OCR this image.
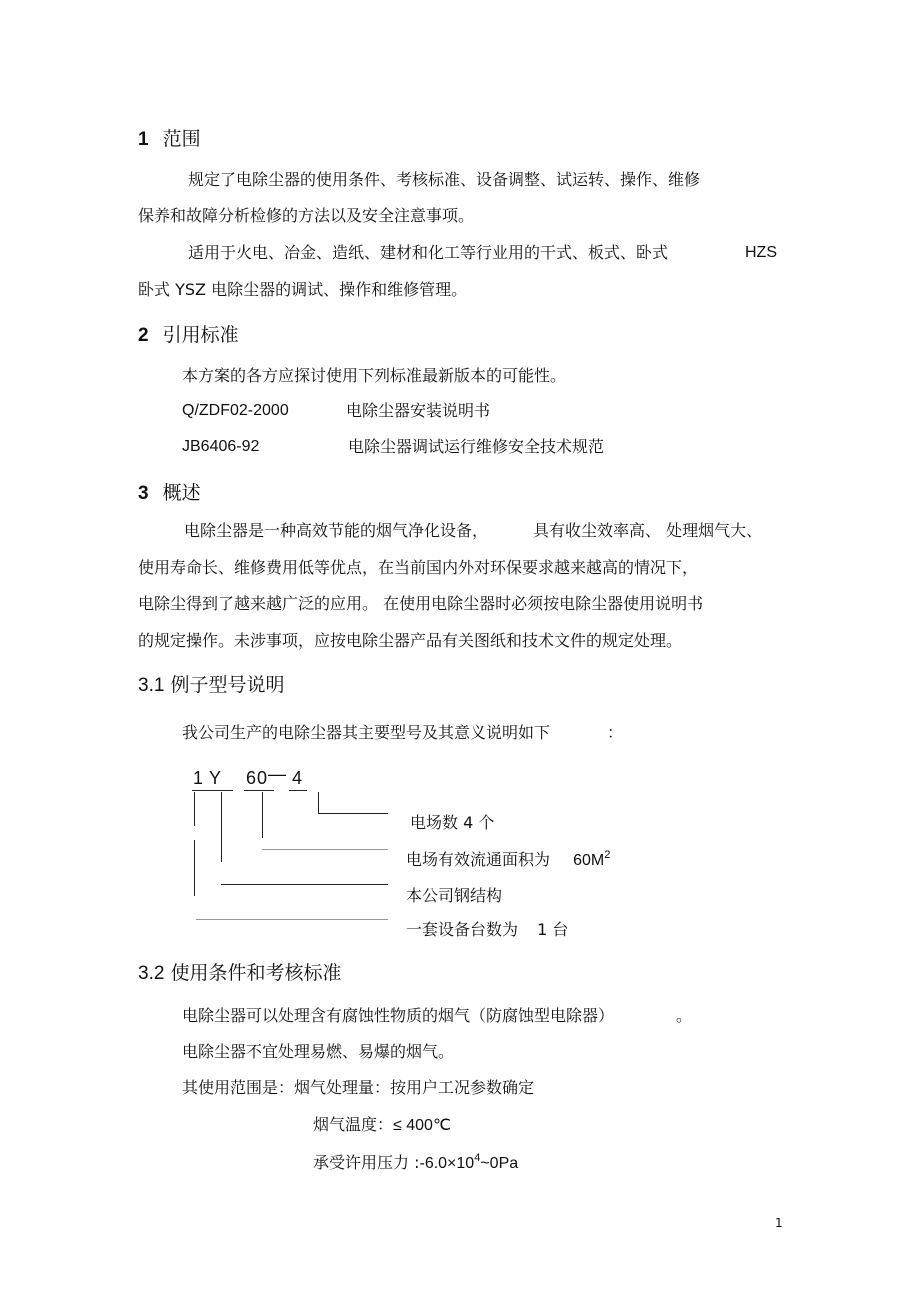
1 范围
规定了电除尘器的使用条件、考核标准、设备调整、试运转、操作、维修
保养和故障分析检修的方法以及安全注意事项。
适用于火电、冶金、造纸、建材和化工等行业用的干式、板式、卧式	HZS
卧式 YSZ 电除尘器的调试、操作和维修管理。
2 引用标准
本方案的各方应探讨使用下列标准最新版本的可能性。
Q/ZDF02-2000	电除尘器安装说明书
JB6406-92	电除尘器调试运行维修安全技术规范
3 概述
电除尘器是一种高效节能的烟气净化设备，	具有收尘效率高、 处理烟气大、
使用寿命长、维修费用低等优点，在当前国内外对环保要求越来越高的情况下，
电除尘得到了越来越广泛的应用。 在使用电除尘器时必须按电除尘器使用说明书
的规定操作。未涉事项，应按电除尘器产品有关图纸和技术文件的规定处理。
3.1 例子型号说明
我公司生产的电除尘器其主要型号及其意义说明如下	：
1 Y 60 — 4
电场数 4 个
电场有效流通面积为 $60M^2$
本公司钢结构
一套设备台数为 1 台
3.2 使用条件和考核标准
电除尘器可以处理含有腐蚀性物质的烟气（防腐蚀型电除器）	。
电除尘器不宜处理易燃、易爆的烟气。
其使用范围是：烟气处理量：按用户工况参数确定
烟气温度：≤ 400℃
承受许用压力 $:-6.0\times 10^4\sim 0Pa$
1
